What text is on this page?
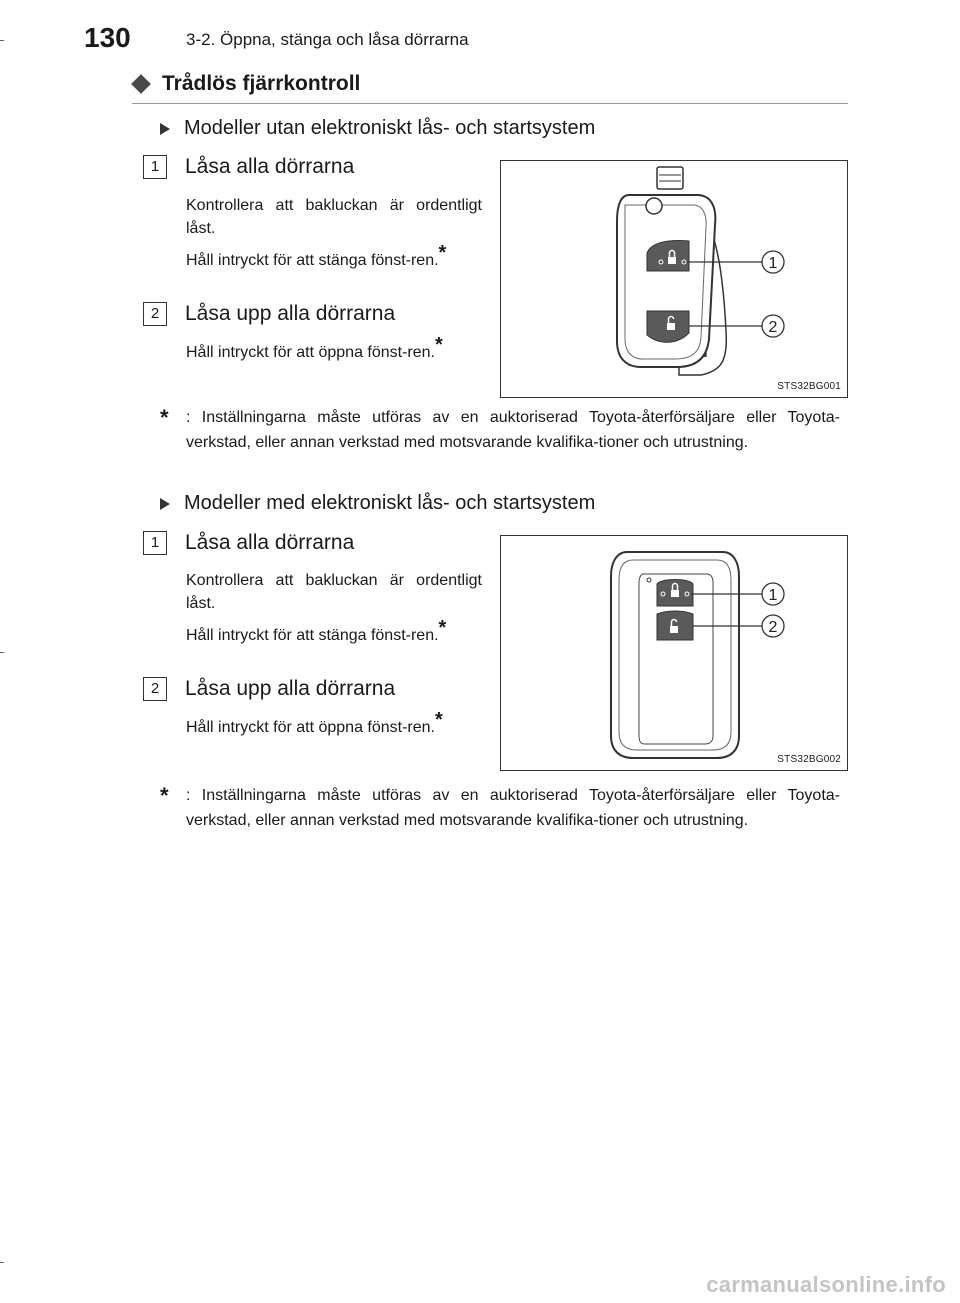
130	3-2. Öppna, stänga och låsa dörrarna
Trådlös fjärrkontroll
Modeller utan elektroniskt lås- och startsystem
1	Låsa alla dörrarna
Kontrollera att bakluckan är ordentligt låst.
Håll intryckt för att stänga fönst-ren.*
2	Låsa upp alla dörrarna
Håll intryckt för att öppna fönst-ren.*
1
2
STS32BG001
* : Inställningarna måste utföras av en auktoriserad Toyota-återförsäljare eller Toyota-verkstad, eller annan verkstad med motsvarande kvalifika-tioner och utrustning.
Modeller med elektroniskt lås- och startsystem
1	Låsa alla dörrarna
Kontrollera att bakluckan är ordentligt låst.
Håll intryckt för att stänga fönst-ren.*
2	Låsa upp alla dörrarna
Håll intryckt för att öppna fönst-ren.*
1
2
STS32BG002
* : Inställningarna måste utföras av en auktoriserad Toyota-återförsäljare eller Toyota-verkstad, eller annan verkstad med motsvarande kvalifika-tioner och utrustning.
carmanualsonline.info
